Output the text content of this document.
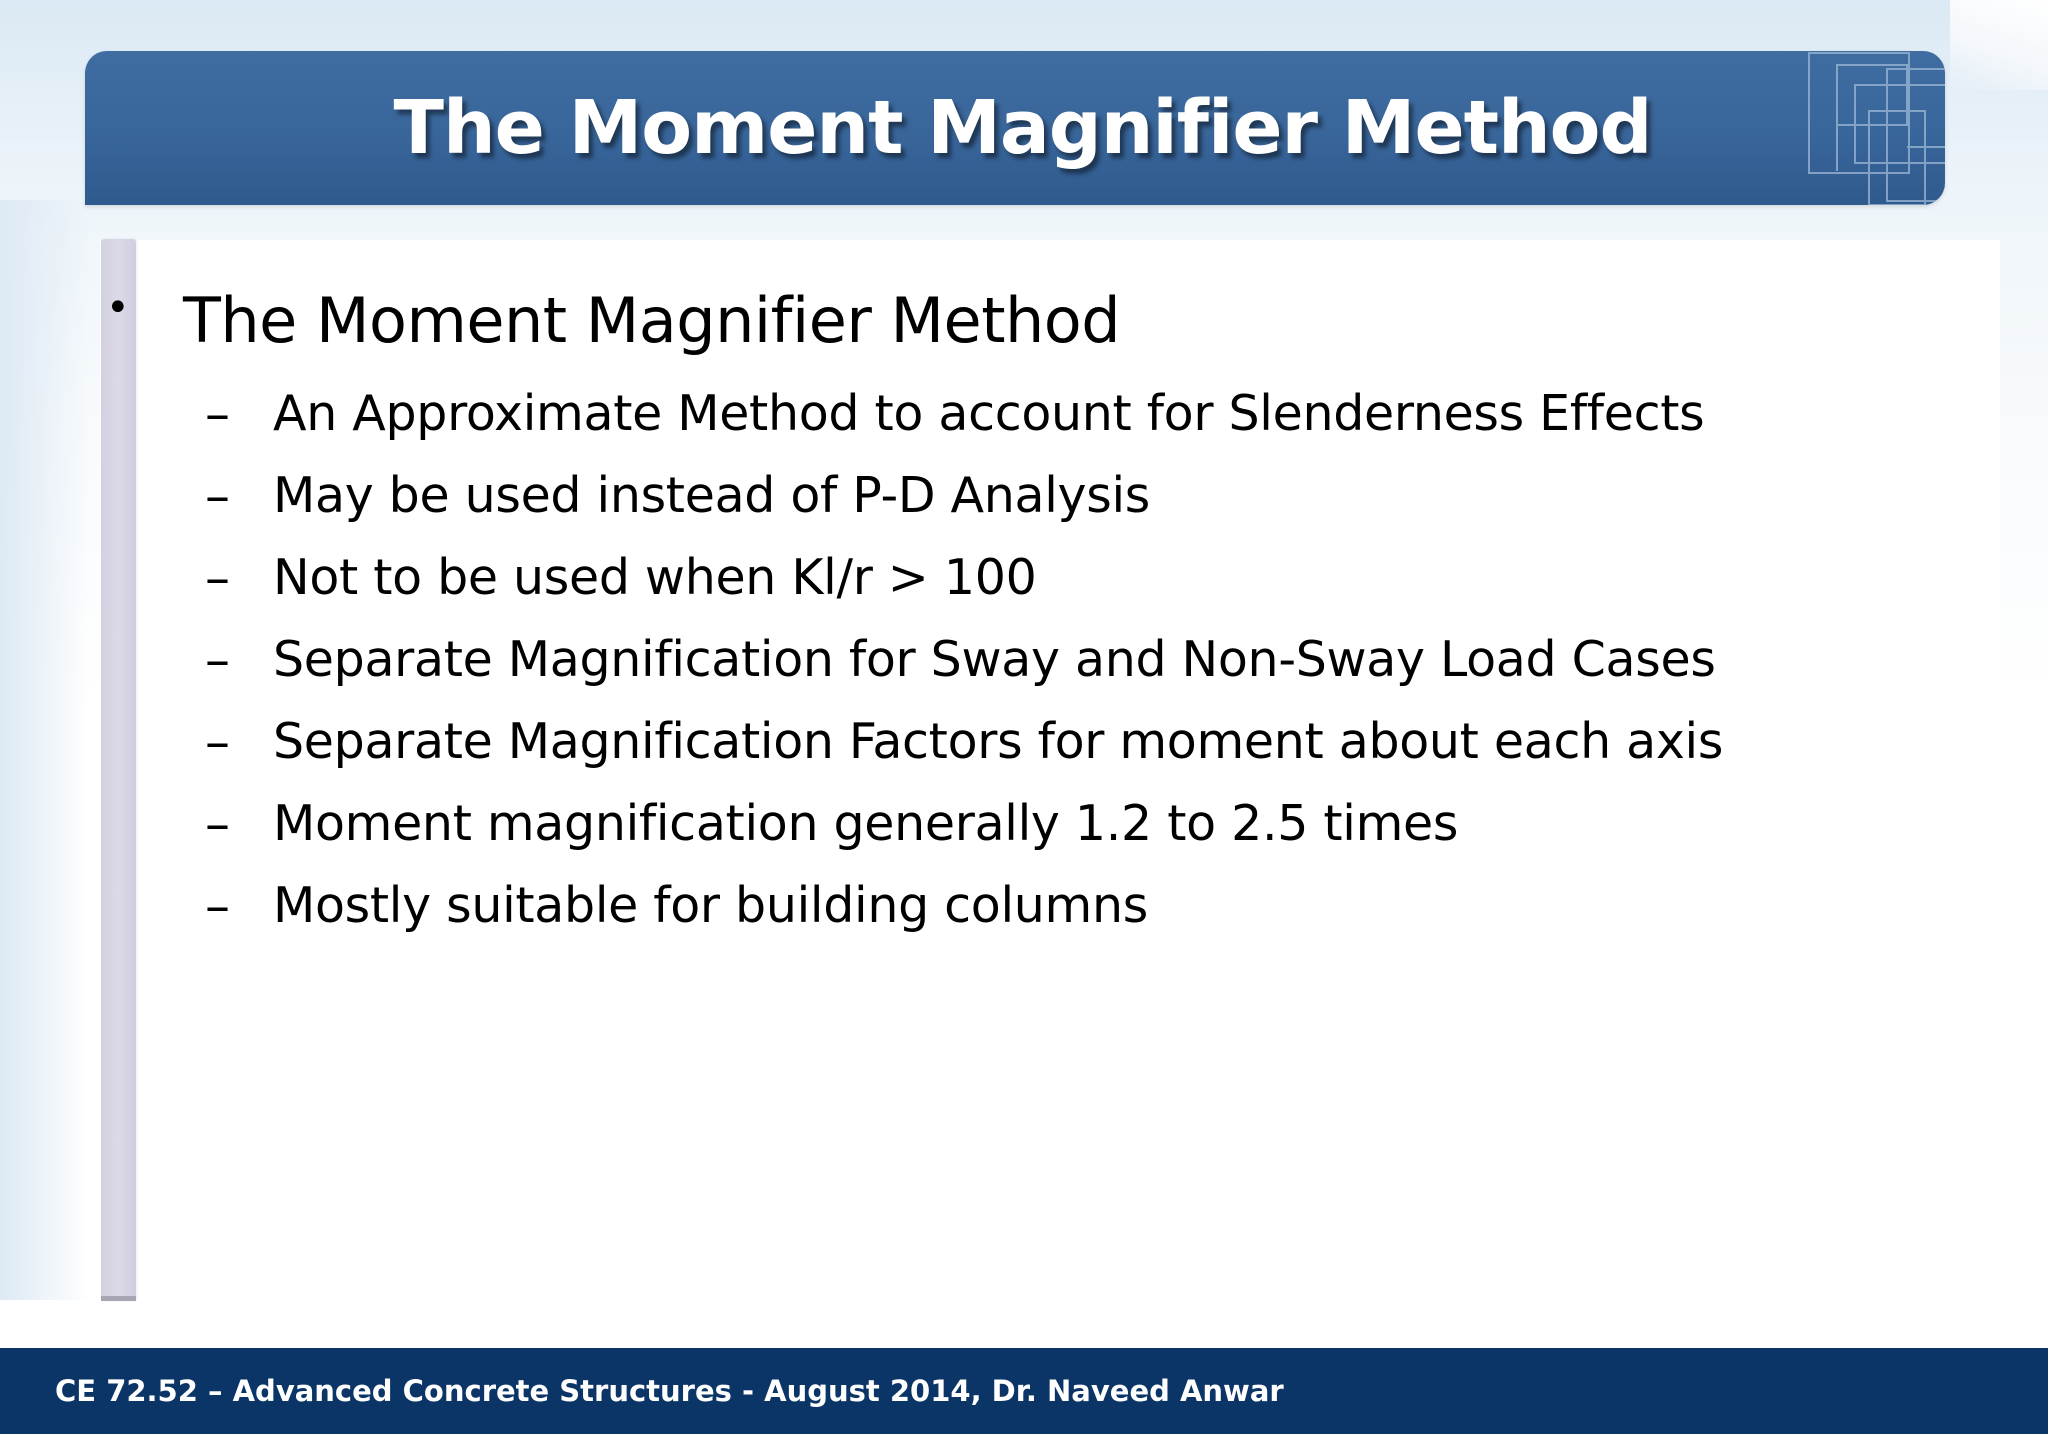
The Moment Magnifier Method
• The Moment Magnifier Method
– An Approximate Method to account for Slenderness Effects
– May be used instead of P-D Analysis
– Not to be used when Kl/r > 100
– Separate Magnification for Sway and Non-Sway Load Cases
– Separate Magnification Factors for moment about each axis
– Moment magnification generally 1.2 to 2.5 times
– Mostly suitable for building columns
CE 72.52 – Advanced Concrete Structures - August 2014, Dr. Naveed Anwar
